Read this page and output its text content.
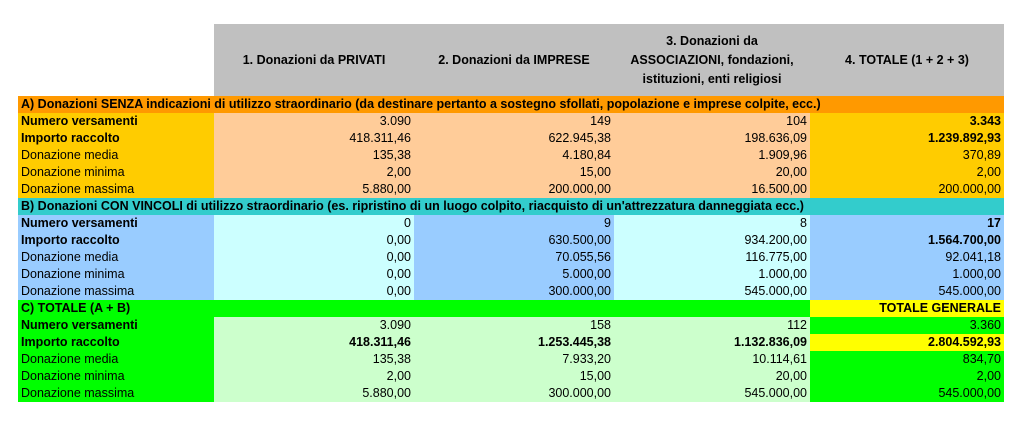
	1. Donazioni da PRIVATI	2. Donazioni da IMPRESE	3. Donazioni da
ASSOCIAZIONI, fondazioni,
istituzioni, enti religiosi	4. TOTALE (1 + 2 + 3)
A) Donazioni SENZA indicazioni di utilizzo straordinario (da destinare pertanto a sostegno sfollati, popolazione e imprese colpite, ecc.)				
Numero versamenti	3.090	149	104	3.343
Importo raccolto	418.311,46	622.945,38	198.636,09	1.239.892,93
Donazione media	135,38	4.180,84	1.909,96	370,89
Donazione minima	2,00	15,00	20,00	2,00
Donazione massima	5.880,00	200.000,00	16.500,00	200.000,00
B) Donazioni CON VINCOLI di utilizzo straordinario (es. ripristino di un luogo colpito, riacquisto di un'attrezzatura danneggiata ecc.)				
Numero versamenti	0	9	8	17
Importo raccolto	0,00	630.500,00	934.200,00	1.564.700,00
Donazione media	0,00	70.055,56	116.775,00	92.041,18
Donazione minima	0,00	5.000,00	1.000,00	1.000,00
Donazione massima	0,00	300.000,00	545.000,00	545.000,00
C) TOTALE (A + B)				TOTALE GENERALE
Numero versamenti	3.090	158	112	3.360
Importo raccolto	418.311,46	1.253.445,38	1.132.836,09	2.804.592,93
Donazione media	135,38	7.933,20	10.114,61	834,70
Donazione minima	2,00	15,00	20,00	2,00
Donazione massima	5.880,00	300.000,00	545.000,00	545.000,00
